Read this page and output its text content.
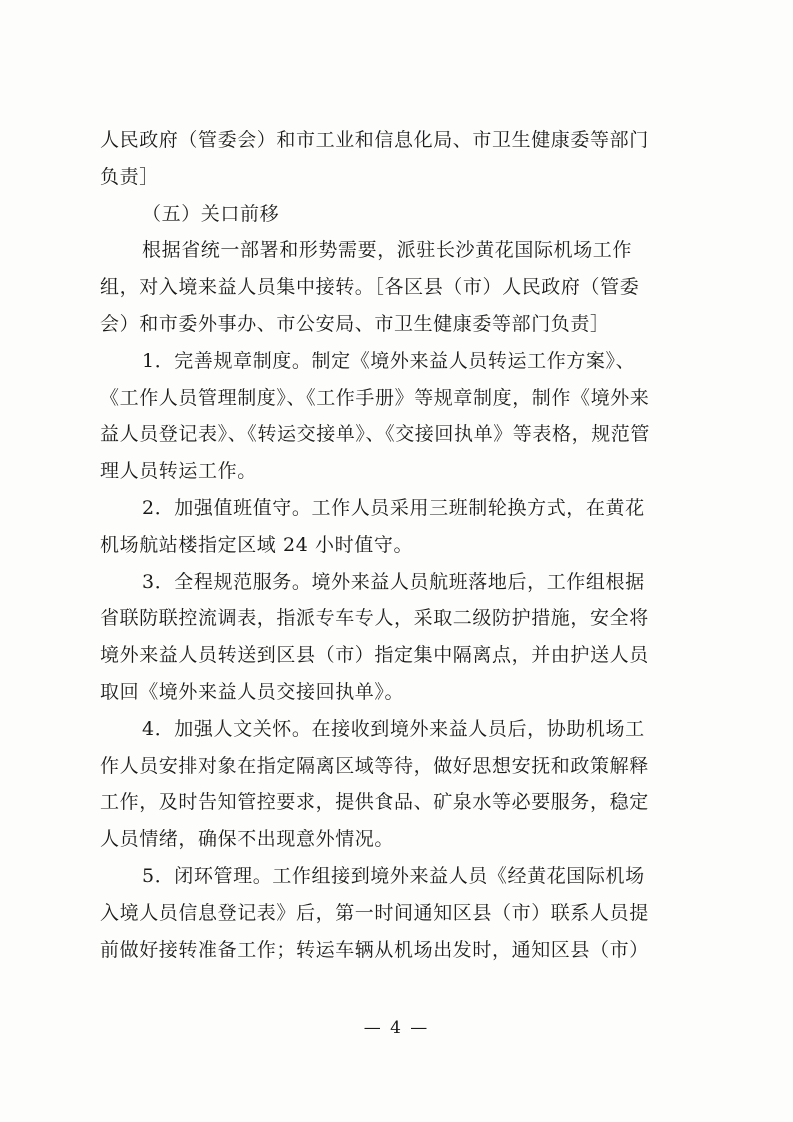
人民政府（管委会）和市工业和信息化局、市卫生健康委等部门
负责］
（五）关口前移
根据省统一部署和形势需要，派驻长沙黄花国际机场工作
组，对入境来益人员集中接转。［各区县（市）人民政府（管委
会）和市委外事办、市公安局、市卫生健康委等部门负责］
1．完善规章制度。制定《境外来益人员转运工作方案》、
《工作人员管理制度》、《工作手册》等规章制度，制作《境外来
益人员登记表》、《转运交接单》、《交接回执单》等表格，规范管
理人员转运工作。
2．加强值班值守。工作人员采用三班制轮换方式，在黄花
机场航站楼指定区域 24 小时值守。
3．全程规范服务。境外来益人员航班落地后，工作组根据
省联防联控流调表，指派专车专人，采取二级防护措施，安全将
境外来益人员转送到区县（市）指定集中隔离点，并由护送人员
取回《境外来益人员交接回执单》。
4．加强人文关怀。在接收到境外来益人员后，协助机场工
作人员安排对象在指定隔离区域等待，做好思想安抚和政策解释
工作，及时告知管控要求，提供食品、矿泉水等必要服务，稳定
人员情绪，确保不出现意外情况。
5．闭环管理。工作组接到境外来益人员《经黄花国际机场
入境人员信息登记表》后，第一时间通知区县（市）联系人员提
前做好接转准备工作；转运车辆从机场出发时，通知区县（市）
— 4 —
